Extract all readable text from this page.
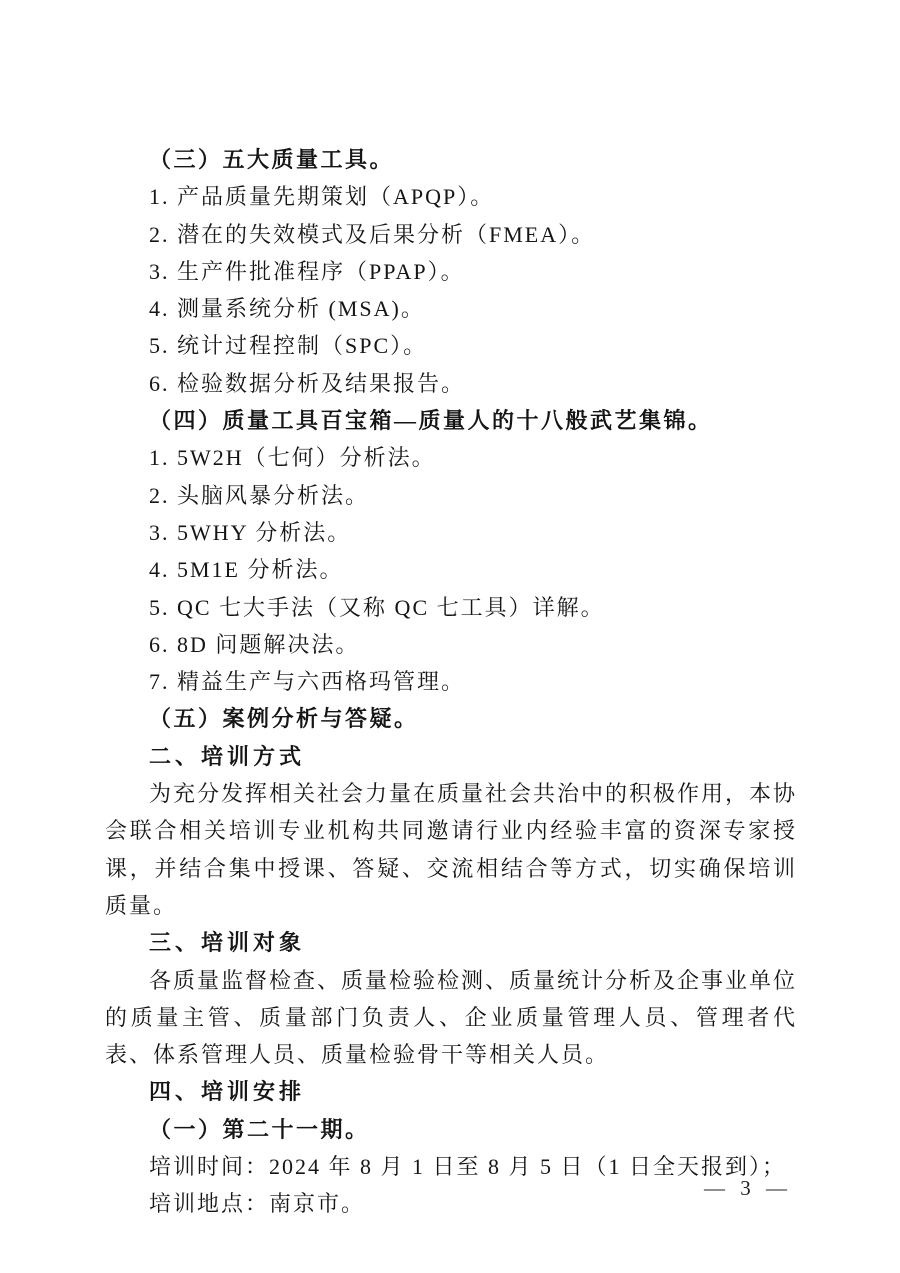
（三）五大质量工具。

1. 产品质量先期策划（APQP）。

2. 潜在的失效模式及后果分析（FMEA）。

3. 生产件批准程序（PPAP）。

4. 测量系统分析 (MSA)。

5. 统计过程控制（SPC）。

6. 检验数据分析及结果报告。

（四）质量工具百宝箱—质量人的十八般武艺集锦。

1. 5W2H（七何）分析法。

2. 头脑风暴分析法。

3. 5WHY 分析法。

4. 5M1E 分析法。

5. QC 七大手法（又称 QC 七工具）详解。

6. 8D 问题解决法。

7. 精益生产与六西格玛管理。

（五）案例分析与答疑。

二、培训方式

为充分发挥相关社会力量在质量社会共治中的积极作用，本协会联合相关培训专业机构共同邀请行业内经验丰富的资深专家授课，并结合集中授课、答疑、交流相结合等方式，切实确保培训质量。

三、培训对象

各质量监督检查、质量检验检测、质量统计分析及企事业单位的质量主管、质量部门负责人、企业质量管理人员、管理者代表、体系管理人员、质量检验骨干等相关人员。

四、培训安排

（一）第二十一期。

培训时间：2024 年 8 月 1 日至 8 月 5 日（1 日全天报到）；

培训地点：南京市。

— 3 —
